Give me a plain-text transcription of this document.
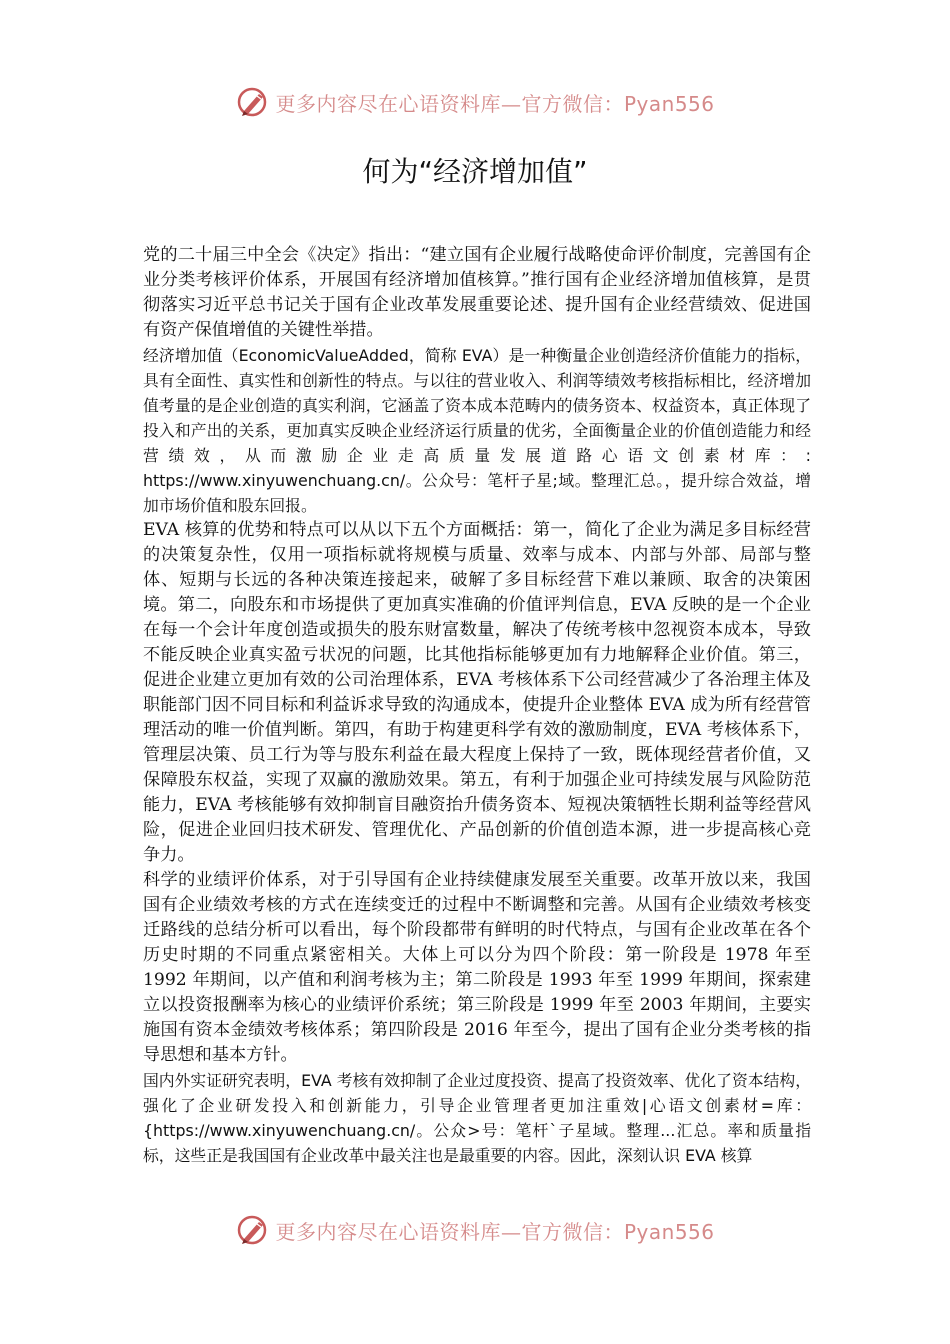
更多内容尽在心语资料库—官方微信：Pyan556
何为“经济增加值”

党的二十届三中全会《决定》指出：“建立国有企业履行战略使命评价制度，完善国有企业分类考核评价体系，开展国有经济增加值核算。”推行国有企业经济增加值核算，是贯彻落实习近平总书记关于国有企业改革发展重要论述、提升国有企业经营绩效、促进国有资产保值增值的关键性举措。

经济增加值（EconomicValueAdded，简称 EVA）是一种衡量企业创造经济价值能力的指标，具有全面性、真实性和创新性的特点。与以往的营业收入、利润等绩效考核指标相比，经济增加值考量的是企业创造的真实利润，它涵盖了资本成本范畴内的债务资本、权益资本，真正体现了投入和产出的关系，更加真实反映企业经济运行质量的优劣，全面衡量企业的价值创造能力和经营绩效，从而激励企业走高质量发展道路心语文创素材库：: https://www.xinyuwenchuang.cn/。公众号：笔杆子星;域。整理汇总。，提升综合效益，增加市场价值和股东回报。

EVA 核算的优势和特点可以从以下五个方面概括：第一，简化了企业为满足多目标经营的决策复杂性，仅用一项指标就将规模与质量、效率与成本、内部与外部、局部与整体、短期与长远的各种决策连接起来，破解了多目标经营下难以兼顾、取舍的决策困境。第二，向股东和市场提供了更加真实准确的价值评判信息，EVA 反映的是一个企业在每一个会计年度创造或损失的股东财富数量，解决了传统考核中忽视资本成本，导致不能反映企业真实盈亏状况的问题，比其他指标能够更加有力地解释企业价值。第三，促进企业建立更加有效的公司治理体系，EVA 考核体系下公司经营减少了各治理主体及职能部门因不同目标和利益诉求导致的沟通成本，使提升企业整体 EVA 成为所有经营管理活动的唯一价值判断。第四，有助于构建更科学有效的激励制度，EVA 考核体系下，管理层决策、员工行为等与股东利益在最大程度上保持了一致，既体现经营者价值，又保障股东权益，实现了双赢的激励效果。第五，有利于加强企业可持续发展与风险防范能力，EVA 考核能够有效抑制盲目融资抬升债务资本、短视决策牺牲长期利益等经营风险，促进企业回归技术研发、管理优化、产品创新的价值创造本源，进一步提高核心竞争力。

科学的业绩评价体系，对于引导国有企业持续健康发展至关重要。改革开放以来，我国国有企业绩效考核的方式在连续变迁的过程中不断调整和完善。从国有企业绩效考核变迁路线的总结分析可以看出，每个阶段都带有鲜明的时代特点，与国有企业改革在各个历史时期的不同重点紧密相关。大体上可以分为四个阶段：第一阶段是 1978 年至 1992 年期间，以产值和利润考核为主；第二阶段是 1993 年至 1999 年期间，探索建立以投资报酬率为核心的业绩评价系统；第三阶段是 1999 年至 2003 年期间，主要实施国有资本金绩效考核体系；第四阶段是 2016 年至今，提出了国有企业分类考核的指导思想和基本方针。

国内外实证研究表明，EVA 考核有效抑制了企业过度投资、提高了投资效率、优化了资本结构，强化了企业研发投入和创新能力，引导企业管理者更加注重效|心语文创素材=库：{https://www.xinyuwenchuang.cn/。公众>号：笔杆`子星域。整理...汇总。率和质量指标，这些正是我国国有企业改革中最关注也是最重要的内容。因此，深刻认识 EVA 核算

更多内容尽在心语资料库—官方微信：Pyan556
